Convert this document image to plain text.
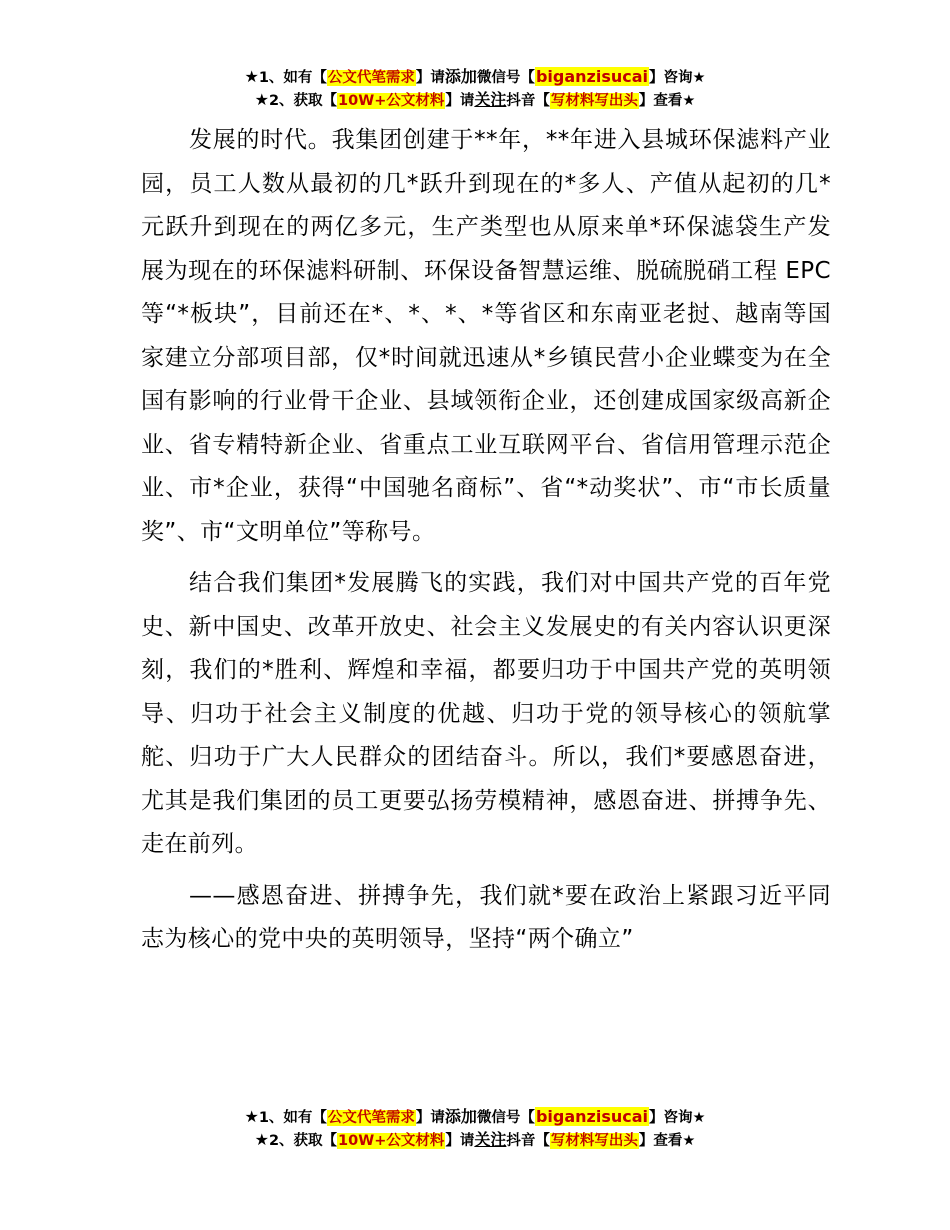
★1、如有【公文代笔需求】请添加微信号【biganzisucai】咨询★
★2、获取【10W+公文材料】请关注抖音【写材料写出头】查看★

发展的时代。我集团创建于**年，**年进入县城环保滤料产业园，员工人数从最初的几*跃升到现在的*多人、产值从起初的几*元跃升到现在的两亿多元，生产类型也从原来单*环保滤袋生产发展为现在的环保滤料研制、环保设备智慧运维、脱硫脱硝工程 EPC 等“*板块”，目前还在*、*、*、*等省区和东南亚老挝、越南等国家建立分部项目部，仅*时间就迅速从*乡镇民营小企业蝶变为在全国有影响的行业骨干企业、县域领衔企业，还创建成国家级高新企业、省专精特新企业、省重点工业互联网平台、省信用管理示范企业、市*企业，获得“中国驰名商标”、省“*动奖状”、市“市长质量奖”、市“文明单位”等称号。

结合我们集团*发展腾飞的实践，我们对中国共产党的百年党史、新中国史、改革开放史、社会主义发展史的有关内容认识更深刻，我们的*胜利、辉煌和幸福，都要归功于中国共产党的英明领导、归功于社会主义制度的优越、归功于党的领导核心的领航掌舵、归功于广大人民群众的团结奋斗。所以，我们*要感恩奋进，尤其是我们集团的员工更要弘扬劳模精神，感恩奋进、拼搏争先、走在前列。

——感恩奋进、拼搏争先，我们就*要在政治上紧跟习近平同志为核心的党中央的英明领导，坚持“两个确立”

★1、如有【公文代笔需求】请添加微信号【biganzisucai】咨询★
★2、获取【10W+公文材料】请关注抖音【写材料写出头】查看★
